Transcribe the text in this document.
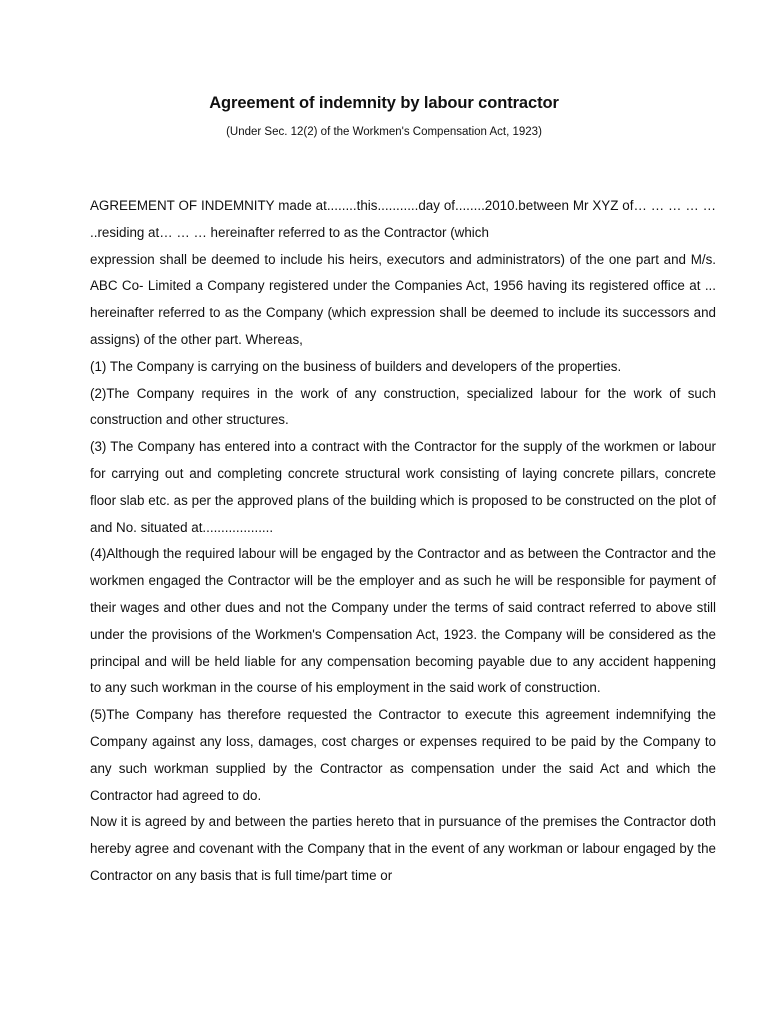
Agreement of indemnity by labour contractor
(Under Sec. 12(2) of the Workmen's Compensation Act, 1923)

AGREEMENT OF INDEMNITY made at........this...........day of........2010.between Mr XYZ of… … … … … ..residing at… … … hereinafter referred to as the Contractor (which

expression shall be deemed to include his heirs, executors and administrators) of the one part and M/s. ABC Co- Limited a Company registered under the Companies Act, 1956 having its registered office at ... hereinafter referred to as the Company (which expression shall be deemed to include its successors and assigns) of the other part. Whereas,

(1) The Company is carrying on the business of builders and developers of the properties.

(2)The Company requires in the work of any construction, specialized labour for the work of such construction and other structures.

(3) The Company has entered into a contract with the Contractor for the supply of the workmen or labour for carrying out and completing concrete structural work consisting of laying concrete pillars, concrete floor slab etc. as per the approved plans of the building which is proposed to be constructed on the plot of and No. situated at...................

(4)Although the required labour will be engaged by the Contractor and as between the Contractor and the workmen engaged the Contractor will be the employer and as such he will be responsible for payment of their wages and other dues and not the Company under the terms of said contract referred to above still under the provisions of the Workmen's Compensation Act, 1923. the Company will be considered as the principal and will be held liable for any compensation becoming payable due to any accident happening to any such workman in the course of his employment in the said work of construction.

(5)The Company has therefore requested the Contractor to execute this agreement indemnifying the Company against any loss, damages, cost charges or expenses required to be paid by the Company to any such workman supplied by the Contractor as compensation under the said Act and which the Contractor had agreed to do.

Now it is agreed by and between the parties hereto that in pursuance of the premises the Contractor doth hereby agree and covenant with the Company that in the event of any workman or labour engaged by the Contractor on any basis that is full time/part time or
